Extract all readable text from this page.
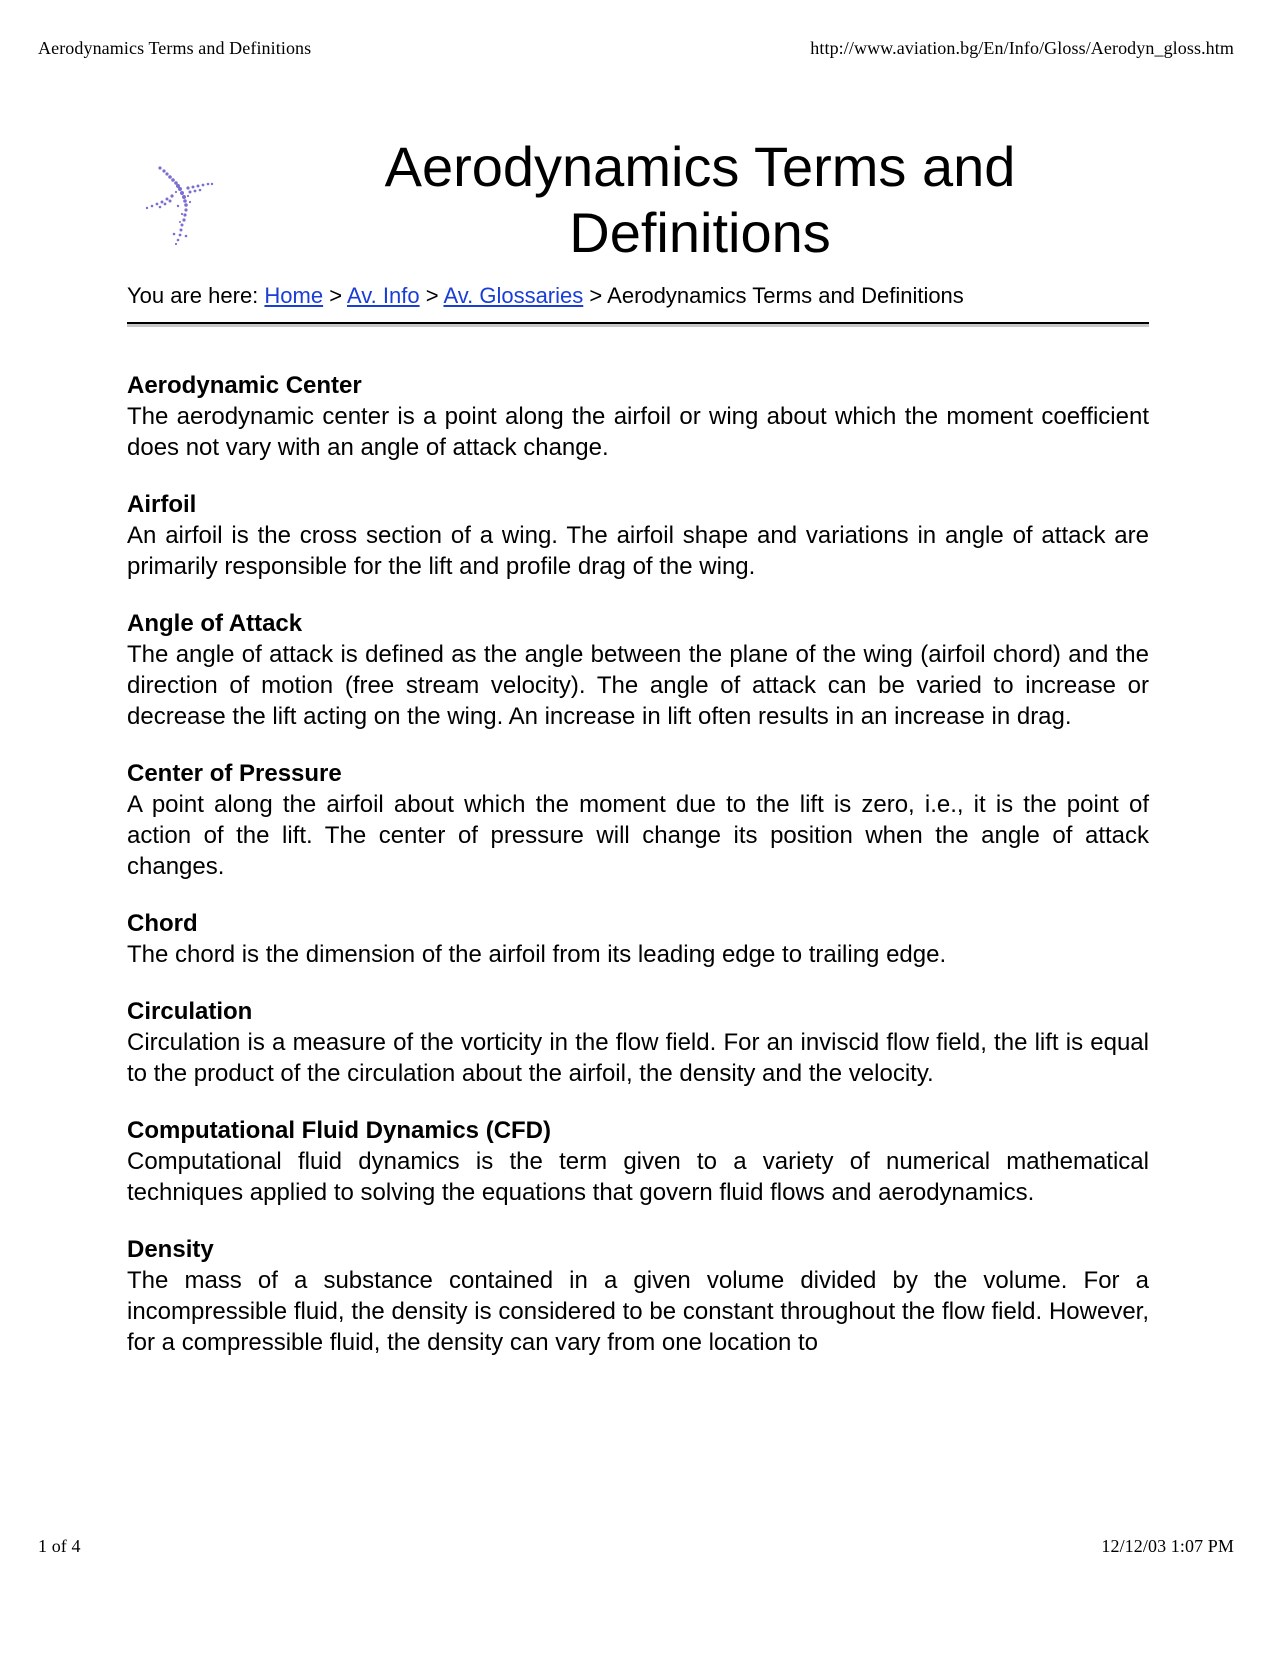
Aerodynamics Terms and Definitions	http://www.aviation.bg/En/Info/Gloss/Aerodyn_gloss.htm
Aerodynamics Terms and Definitions
You are here: Home > Av. Info > Av. Glossaries > Aerodynamics Terms and Definitions

Aerodynamic Center

The aerodynamic center is a point along the airfoil or wing about which the moment coefficient does not vary with an angle of attack change.

Airfoil

An airfoil is the cross section of a wing. The airfoil shape and variations in angle of attack are primarily responsible for the lift and profile drag of the wing.

Angle of Attack

The angle of attack is defined as the angle between the plane of the wing (airfoil chord) and the direction of motion (free stream velocity). The angle of attack can be varied to increase or decrease the lift acting on the wing. An increase in lift often results in an increase in drag.

Center of Pressure

A point along the airfoil about which the moment due to the lift is zero, i.e., it is the point of action of the lift. The center of pressure will change its position when the angle of attack changes.

Chord

The chord is the dimension of the airfoil from its leading edge to trailing edge.

Circulation

Circulation is a measure of the vorticity in the flow field. For an inviscid flow field, the lift is equal to the product of the circulation about the airfoil, the density and the velocity.

Computational Fluid Dynamics (CFD)

Computational fluid dynamics is the term given to a variety of numerical mathematical techniques applied to solving the equations that govern fluid flows and aerodynamics.

Density

The mass of a substance contained in a given volume divided by the volume. For a incompressible fluid, the density is considered to be constant throughout the flow field. However, for a compressible fluid, the density can vary from one location to

1 of 4	12/12/03 1:07 PM
